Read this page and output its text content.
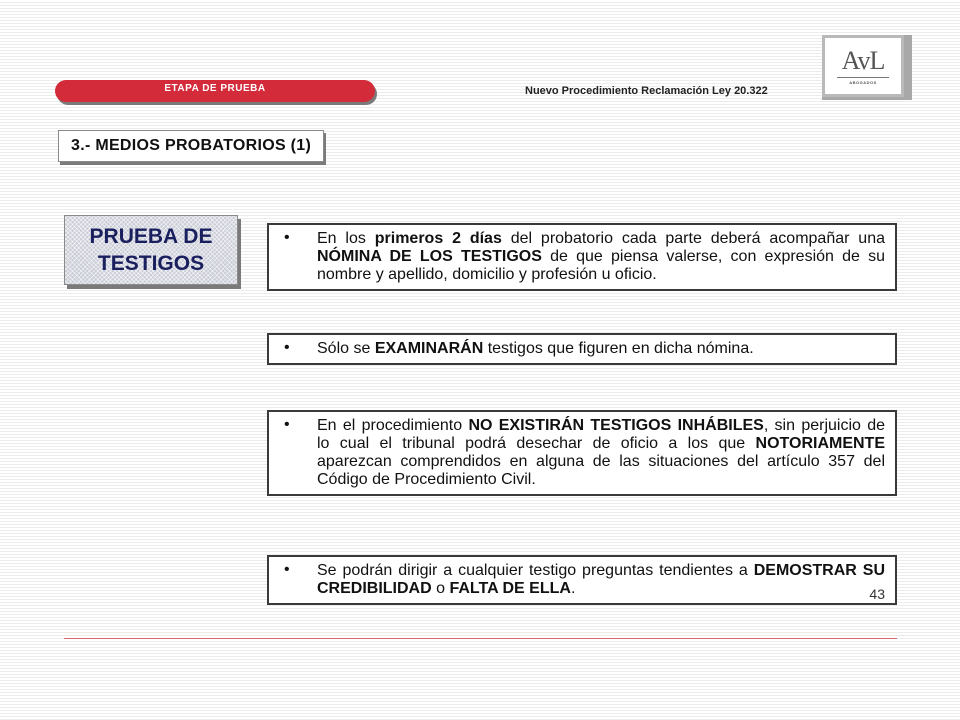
ETAPA DE PRUEBA	Nuevo Procedimiento Reclamación Ley 20.322
AvL
ABOGADOS
3.- MEDIOS PROBATORIOS (1)
PRUEBA DE
TESTIGOS
• En los primeros 2 días del probatorio cada parte deberá acompañar una NÓMINA DE LOS TESTIGOS de que piensa valerse, con expresión de su nombre y apellido, domicilio y profesión u oficio.
• Sólo se EXAMINARÁN testigos que figuren en dicha nómina.
• En el procedimiento NO EXISTIRÁN TESTIGOS INHÁBILES, sin perjuicio de lo cual el tribunal podrá desechar de oficio a los que NOTORIAMENTE aparezcan comprendidos en alguna de las situaciones del artículo 357 del Código de Procedimiento Civil.
• Se podrán dirigir a cualquier testigo preguntas tendientes a DEMOSTRAR SU CREDIBILIDAD o FALTA DE ELLA.	43
